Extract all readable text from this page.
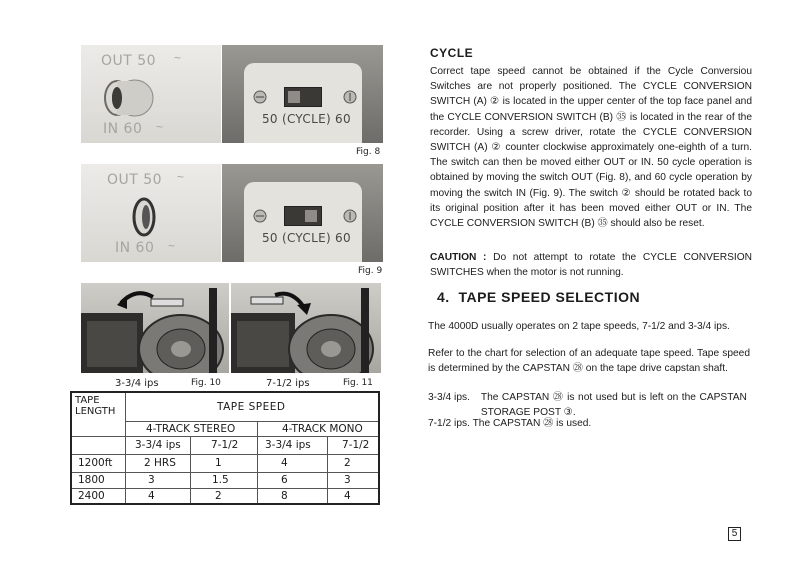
OUT 50 ~
IN 60 ~
50 (CYCLE) 60
Fig. 8
OUT 50 ~
IN 60 ~
50 (CYCLE) 60
Fig. 9
3-3/4 ips	Fig. 10	7-1/2 ips	Fig. 11
TAPE LENGTH	TAPE SPEED
4-TRACK STEREO	4-TRACK MONO
3-3/4 ips	7-1/2	3-3/4 ips	7-1/2
1200ft	2 HRS	1	4	2
1800	3	1.5	6	3
2400	4	2	8	4
CYCLE
Correct tape speed cannot be obtained if the Cycle Conversiou Switches are not properly positioned. The CYCLE CONVERSION SWITCH (A) ② is located in the upper center of the top face panel and the CYCLE CONVERSION SWITCH (B) ㉟ is located in the rear of the recorder. Using a screw driver, rotate the CYCLE CONVERSION SWITCH (A) ② counter clockwise approximately one-eighth of a turn. The switch can then be moved either OUT or IN. 50 cycle operation is obtained by moving the switch OUT (Fig. 8), and 60 cycle operation by moving the switch IN (Fig. 9). The switch ② should be rotated back to its original position after it has been moved either OUT or IN. The CYCLE CONVERSION SWITCH (B) ㉟ should also be reset.
CAUTION : Do not attempt to rotate the CYCLE CONVERSION SWITCHES when the motor is not running.
4.  TAPE SPEED SELECTION
The 4000D usually operates on 2 tape speeds, 7-1/2 and 3-3/4 ips.
Refer to the chart for selection of an adequate tape speed. Tape speed is determined by the CAPSTAN ㉘ on the tape drive capstan shaft.
3-3/4 ips. The CAPSTAN ㉘ is not used but is left on the CAPSTAN STORAGE POST ③.
7-1/2 ips. The CAPSTAN ㉘ is used.
5
